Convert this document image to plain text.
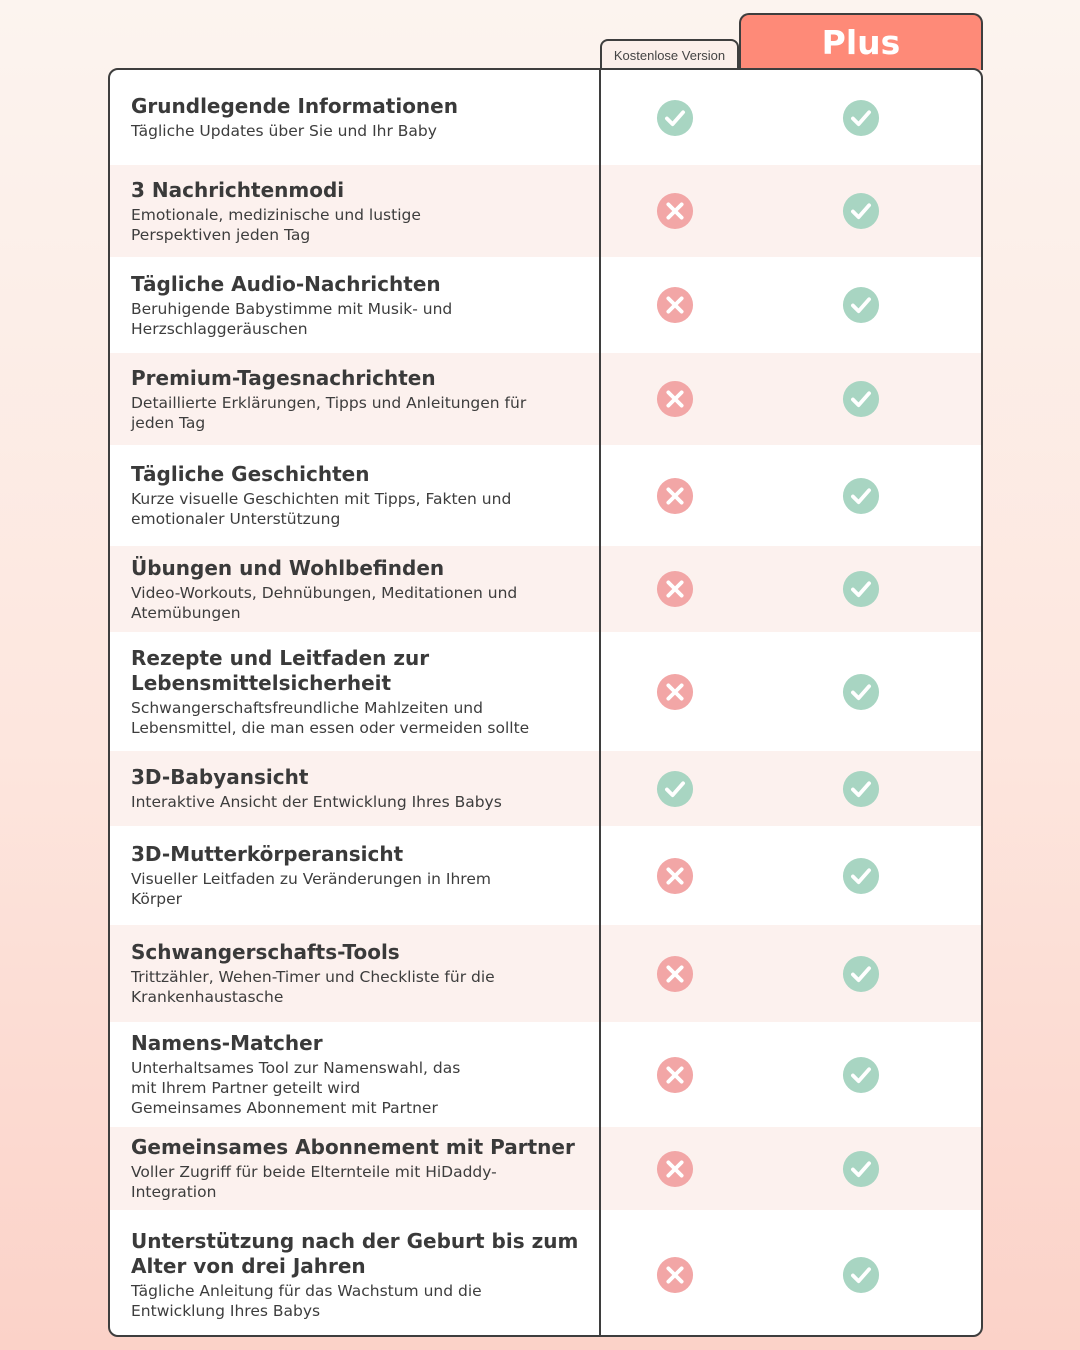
Kostenlose Version	Plus
Grundlegende Informationen
Tägliche Updates über Sie und Ihr Baby
3 Nachrichtenmodi
Emotionale, medizinische und lustige
Perspektiven jeden Tag
Tägliche Audio-Nachrichten
Beruhigende Babystimme mit Musik- und
Herzschlaggeräuschen
Premium-Tagesnachrichten
Detaillierte Erklärungen, Tipps und Anleitungen für
jeden Tag
Tägliche Geschichten
Kurze visuelle Geschichten mit Tipps, Fakten und
emotionaler Unterstützung
Übungen und Wohlbefinden
Video-Workouts, Dehnübungen, Meditationen und
Atemübungen
Rezepte und Leitfaden zur
Lebensmittelsicherheit
Schwangerschaftsfreundliche Mahlzeiten und
Lebensmittel, die man essen oder vermeiden sollte
3D-Babyansicht
Interaktive Ansicht der Entwicklung Ihres Babys
3D-Mutterkörperansicht
Visueller Leitfaden zu Veränderungen in Ihrem
Körper
Schwangerschafts-Tools
Trittzähler, Wehen-Timer und Checkliste für die
Krankenhaustasche
Namens-Matcher
Unterhaltsames Tool zur Namenswahl, das
mit Ihrem Partner geteilt wird
Gemeinsames Abonnement mit Partner
Gemeinsames Abonnement mit Partner
Voller Zugriff für beide Elternteile mit HiDaddy-
Integration
Unterstützung nach der Geburt bis zum
Alter von drei Jahren
Tägliche Anleitung für das Wachstum und die
Entwicklung Ihres Babys
